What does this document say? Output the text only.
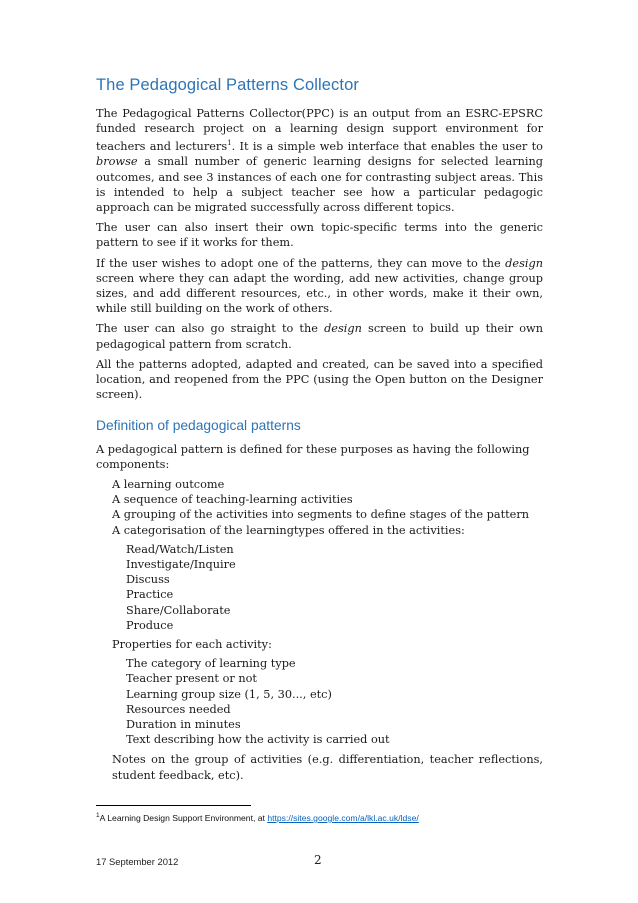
The Pedagogical Patterns Collector

The Pedagogical Patterns Collector(PPC) is an output from an ESRC-EPSRC funded research project on a learning design support environment for teachers and lecturers$^1$. It is a simple web interface that enables the user to browse a small number of generic learning designs for selected learning outcomes, and see 3 instances of each one for contrasting subject areas. This is intended to help a subject teacher see how a particular pedagogic approach can be migrated successfully across different topics.

The user can also insert their own topic-specific terms into the generic pattern to see if it works for them.

If the user wishes to adopt one of the patterns, they can move to the design screen where they can adapt the wording, add new activities, change group sizes, and add different resources, etc., in other words, make it their own, while still building on the work of others.

The user can also go straight to the design screen to build up their own pedagogical pattern from scratch.

All the patterns adopted, adapted and created, can be saved into a specified location, and reopened from the PPC (using the Open button on the Designer screen).

Definition of pedagogical patterns

A pedagogical pattern is defined for these purposes as having the following components:

A learning outcome
A sequence of teaching-learning activities
A grouping of the activities into segments to define stages of the pattern
A categorisation of the learningtypes offered in the activities:
Read/Watch/Listen
Investigate/Inquire
Discuss
Practice
Share/Collaborate
Produce
Properties for each activity:
The category of learning type
Teacher present or not
Learning group size (1, 5, 30..., etc)
Resources needed
Duration in minutes
Text describing how the activity is carried out
Notes on the group of activities (e.g. differentiation, teacher reflections, student feedback, etc).
$^1$A Learning Design Support Environment, at https://sites.google.com/a/lkl.ac.uk/ldse/
17 September 2012	2
